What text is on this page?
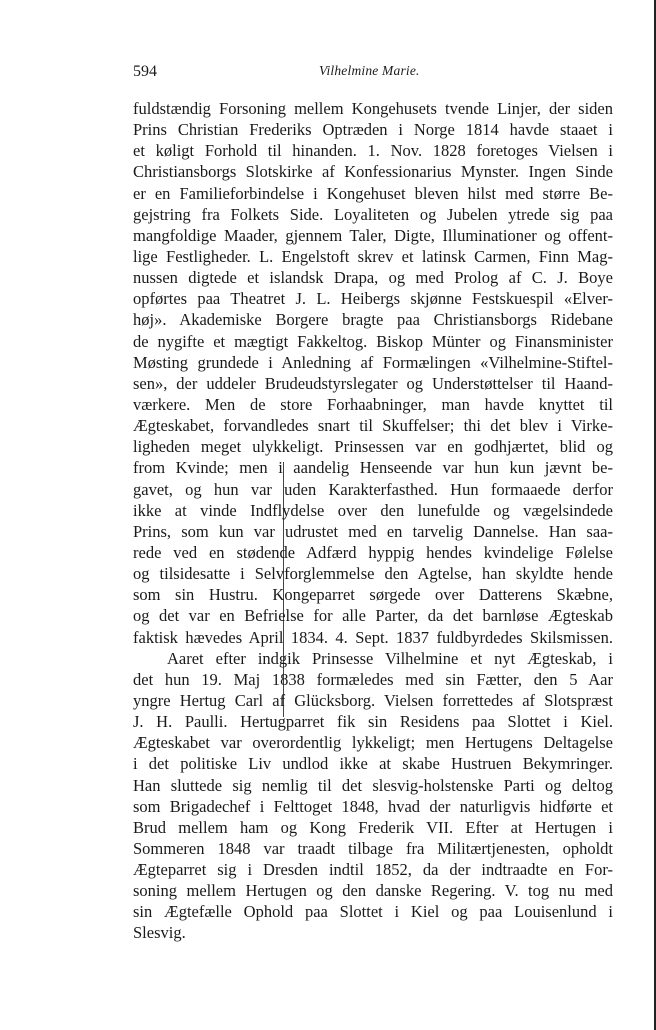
594	Vilhelmine Marie.
fuldstændig Forsoning mellem Kongehusets tvende Linjer, der siden
Prins Christian Frederiks Optræden i Norge 1814 havde staaet i
et køligt Forhold til hinanden. 1. Nov. 1828 foretoges Vielsen i
Christiansborgs Slotskirke af Konfessionarius Mynster. Ingen Sinde
er en Familieforbindelse i Kongehuset bleven hilst med større Be-
gejstring fra Folkets Side. Loyaliteten og Jubelen ytrede sig paa
mangfoldige Maader, gjennem Taler, Digte, Illuminationer og offent-
lige Festligheder. L. Engelstoft skrev et latinsk Carmen, Finn Mag-
nussen digtede et islandsk Drapa, og med Prolog af C. J. Boye
opførtes paa Theatret J. L. Heibergs skjønne Festskuespil «Elver-
høj». Akademiske Borgere bragte paa Christiansborgs Ridebane
de nygifte et mægtigt Fakkeltog. Biskop Münter og Finansminister
Møsting grundede i Anledning af Formælingen «Vilhelmine-Stiftel-
sen», der uddeler Brudeudstyrslegater og Understøttelser til Haand-
værkere. Men de store Forhaabninger, man havde knyttet til
Ægteskabet, forvandledes snart til Skuffelser; thi det blev i Virke-
ligheden meget ulykkeligt. Prinsessen var en godhjærtet, blid og
from Kvinde; men i aandelig Henseende var hun kun jævnt be-
gavet, og hun var uden Karakterfasthed. Hun formaaede derfor
ikke at vinde Indflydelse over den lunefulde og vægelsindede
Prins, som kun var udrustet med en tarvelig Dannelse. Han saa-
rede ved en stødende Adfærd hyppig hendes kvindelige Følelse
og tilsidesatte i Selvforglemmelse den Agtelse, han skyldte hende
som sin Hustru. Kongeparret sørgede over Datterens Skæbne,
og det var en Befrielse for alle Parter, da det barnløse Ægteskab
faktisk hævedes April 1834. 4. Sept. 1837 fuldbyrdedes Skilsmissen.
Aaret efter indgik Prinsesse Vilhelmine et nyt Ægteskab, i
det hun 19. Maj 1838 formæledes med sin Fætter, den 5 Aar
yngre Hertug Carl af Glücksborg. Vielsen forrettedes af Slotspræst
J. H. Paulli. Hertugparret fik sin Residens paa Slottet i Kiel.
Ægteskabet var overordentlig lykkeligt; men Hertugens Deltagelse
i det politiske Liv undlod ikke at skabe Hustruen Bekymringer.
Han sluttede sig nemlig til det slesvig-holstenske Parti og deltog
som Brigadechef i Felttoget 1848, hvad der naturligvis hidførte et
Brud mellem ham og Kong Frederik VII. Efter at Hertugen i
Sommeren 1848 var traadt tilbage fra Militærtjenesten, opholdt
Ægteparret sig i Dresden indtil 1852, da der indtraadte en For-
soning mellem Hertugen og den danske Regering. V. tog nu med
sin Ægtefælle Ophold paa Slottet i Kiel og paa Louisenlund i
Slesvig.
